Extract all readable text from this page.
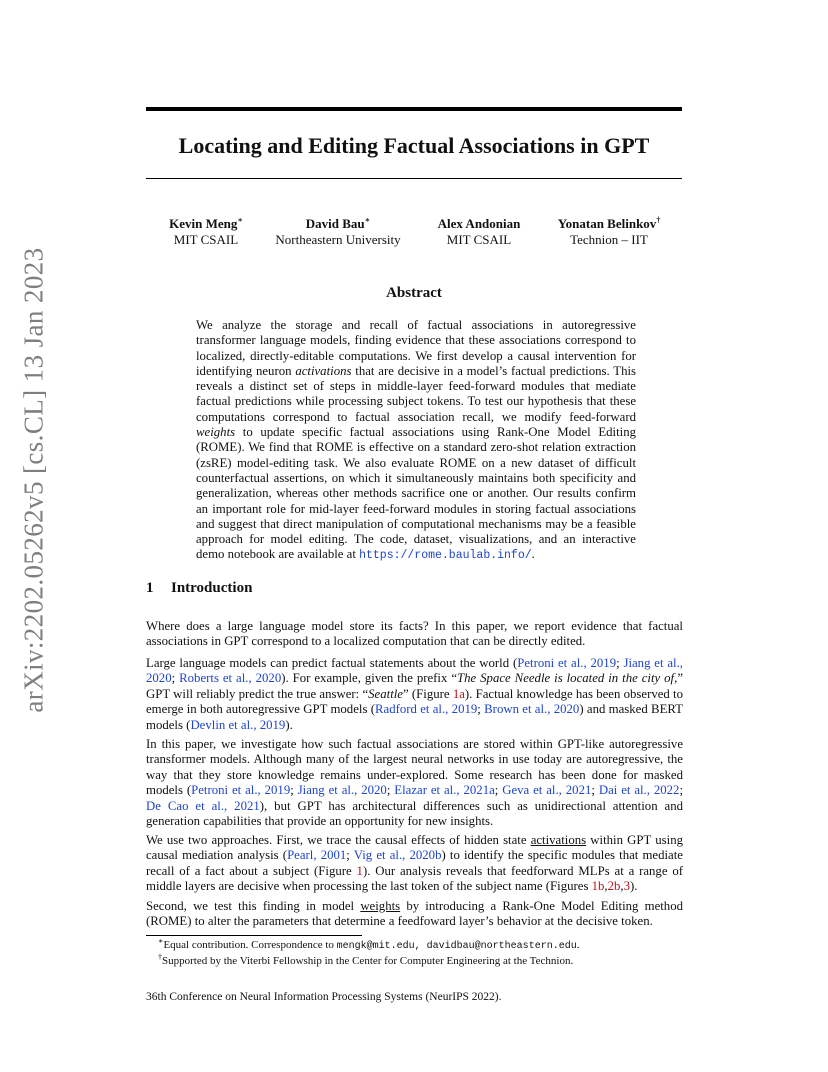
arXiv:2202.05262v5 [cs.CL] 13 Jan 2023
Locating and Editing Factual Associations in GPT
Kevin Meng∗
MIT CSAIL
David Bau∗
Northeastern University
Alex Andonian
MIT CSAIL
Yonatan Belinkov†
Technion – IIT
Abstract

We analyze the storage and recall of factual associations in autoregressive transformer language models, finding evidence that these associations correspond to localized, directly-editable computations. We first develop a causal intervention for identifying neuron activations that are decisive in a model’s factual predictions. This reveals a distinct set of steps in middle-layer feed-forward modules that mediate factual predictions while processing subject tokens. To test our hypothesis that these computations correspond to factual association recall, we modify feed-forward weights to update specific factual associations using Rank-One Model Editing (ROME). We find that ROME is effective on a standard zero-shot relation extraction (zsRE) model-editing task. We also evaluate ROME on a new dataset of difficult counterfactual assertions, on which it simultaneously maintains both specificity and generalization, whereas other methods sacrifice one or another. Our results confirm an important role for mid-layer feed-forward modules in storing factual associations and suggest that direct manipulation of computational mechanisms may be a feasible approach for model editing. The code, dataset, visualizations, and an interactive demo notebook are available at https://rome.baulab.info/.

1 Introduction

Where does a large language model store its facts? In this paper, we report evidence that factual associations in GPT correspond to a localized computation that can be directly edited.

Large language models can predict factual statements about the world (Petroni et al., 2019; Jiang et al., 2020; Roberts et al., 2020). For example, given the prefix “The Space Needle is located in the city of,” GPT will reliably predict the true answer: “Seattle” (Figure 1a). Factual knowledge has been observed to emerge in both autoregressive GPT models (Radford et al., 2019; Brown et al., 2020) and masked BERT models (Devlin et al., 2019).

In this paper, we investigate how such factual associations are stored within GPT-like autoregressive transformer models. Although many of the largest neural networks in use today are autoregressive, the way that they store knowledge remains under-explored. Some research has been done for masked models (Petroni et al., 2019; Jiang et al., 2020; Elazar et al., 2021a; Geva et al., 2021; Dai et al., 2022; De Cao et al., 2021), but GPT has architectural differences such as unidirectional attention and generation capabilities that provide an opportunity for new insights.

We use two approaches. First, we trace the causal effects of hidden state activations within GPT using causal mediation analysis (Pearl, 2001; Vig et al., 2020b) to identify the specific modules that mediate recall of a fact about a subject (Figure 1). Our analysis reveals that feedforward MLPs at a range of middle layers are decisive when processing the last token of the subject name (Figures 1b,2b,3).

Second, we test this finding in model weights by introducing a Rank-One Model Editing method (ROME) to alter the parameters that determine a feedfoward layer’s behavior at the decisive token.

∗Equal contribution. Correspondence to mengk@mit.edu, davidbau@northeastern.edu.

†Supported by the Viterbi Fellowship in the Center for Computer Engineering at the Technion.

36th Conference on Neural Information Processing Systems (NeurIPS 2022).
